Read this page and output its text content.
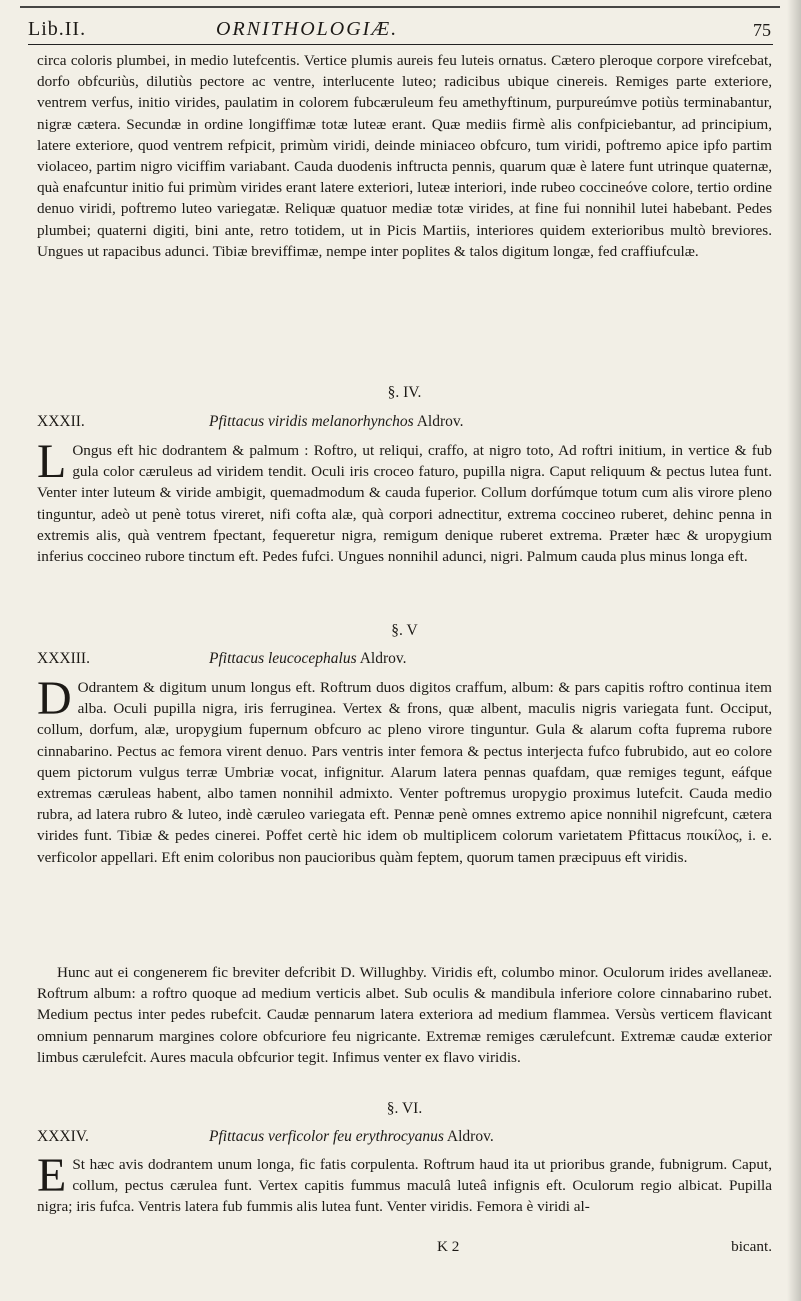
Lib.II.	ORNITHOLOGIÆ.	75
circa coloris plumbei, in medio lutefcentis. Vertice plumis aureis feu luteis ornatus. Cætero pleroque corpore virefcebat, dorfo obfcuriùs, dilutiùs pectore ac ventre, interlucente luteo; radicibus ubique cinereis. Remiges parte exteriore, ventrem verfus, initio virides, paulatim in colorem fubcæruleum feu amethyftinum, purpureúmve potiùs terminabantur, nigræ cætera. Secundæ in ordine longiffimæ totæ luteæ erant. Quæ mediis firmè alis confpiciebantur, ad principium, latere exteriore, quod ventrem refpicit, primùm viridi, deinde miniaceo obfcuro, tum viridi, poftremo apice ipfo partim violaceo, partim nigro viciffim variabant. Cauda duodenis inftructa pennis, quarum quæ è latere funt utrinque quaternæ, quà enafcuntur initio fui primùm virides erant latere exteriori, luteæ interiori, inde rubeo coccineóve colore, tertio ordine denuo viridi, poftremo luteo variegatæ. Reliquæ quatuor mediæ totæ virides, at fine fui nonnihil lutei habebant. Pedes plumbei; quaterni digiti, bini ante, retro totidem, ut in Picis Martiis, interiores quidem exterioribus multò breviores. Ungues ut rapacibus adunci. Tibiæ breviffimæ, nempe inter poplites & talos digitum longæ, fed craffiufculæ.
§. IV.
XXXII.	Pfittacus viridis melanorhynchos Aldrov.
L Ongus eft hic dodrantem & palmum : Roftro, ut reliqui, craffo, at nigro toto, Ad roftri initium, in vertice & fub gula color cæruleus ad viridem tendit. Oculi iris croceo faturo, pupilla nigra. Caput reliquum & pectus lutea funt. Venter inter luteum & viride ambigit, quemadmodum & cauda fuperior. Collum dorfúmque totum cum alis virore pleno tinguntur, adeò ut penè totus vireret, nifi cofta alæ, quà corpori adnectitur, extrema coccineo ruberet, dehinc penna in extremis alis, quà ventrem fpectant, fequeretur nigra, remigum denique ruberet extrema. Præter hæc & uropygium inferius coccineo rubore tinctum eft. Pedes fufci. Ungues nonnihil adunci, nigri. Palmum cauda plus minus longa eft.
§. V
XXXIII.	Pfittacus leucocephalus Aldrov.
D Odrantem & digitum unum longus eft. Roftrum duos digitos craffum, album: & pars capitis roftro continua item alba. Oculi pupilla nigra, iris ferruginea. Vertex & frons, quæ albent, maculis nigris variegata funt. Occiput, collum, dorfum, alæ, uropygium fupernum obfcuro ac pleno virore tinguntur. Gula & alarum cofta fuprema rubore cinnabarino. Pectus ac femora virent denuo. Pars ventris inter femora & pectus interjecta fufco fubrubido, aut eo colore quem pictorum vulgus terræ Umbriæ vocat, infignitur. Alarum latera pennas quafdam, quæ remiges tegunt, eáfque extremas cæruleas habent, albo tamen nonnihil admixto. Venter poftremus uropygio proximus lutefcit. Cauda medio rubra, ad latera rubro & luteo, indè cæruleo variegata eft. Pennæ penè omnes extremo apice nonnihil nigrefcunt, cætera virides funt. Tibiæ & pedes cinerei. Poffet certè hic idem ob multiplicem colorum varietatem Pfittacus ποικίλος, i. e. verficolor appellari. Eft enim coloribus non paucioribus quàm feptem, quorum tamen præcipuus eft viridis.
Hunc aut ei congenerem fic breviter defcribit D. Willughby. Viridis eft, columbo minor. Oculorum irides avellaneæ. Roftrum album: a roftro quoque ad medium verticis albet. Sub oculis & mandibula inferiore colore cinnabarino rubet. Medium pectus inter pedes rubefcit. Caudæ pennarum latera exteriora ad medium flammea. Versùs verticem flavicant omnium pennarum margines colore obfcuriore feu nigricante. Extremæ remiges cærulefcunt. Extremæ caudæ exterior limbus cærulefcit. Aures macula obfcurior tegit. Infimus venter ex flavo viridis.
§. VI.
XXXIV.	Pfittacus verficolor feu erythrocyanus Aldrov.
E St hæc avis dodrantem unum longa, fic fatis corpulenta. Roftrum haud ita ut prioribus grande, fubnigrum. Caput, collum, pectus cærulea funt. Vertex capitis fummus maculâ luteâ infignis eft. Oculorum regio albicat. Pupilla nigra; iris fufca. Ventris latera fub fummis alis lutea funt. Venter viridis. Femora è viridi al-
K 2	bicant.
